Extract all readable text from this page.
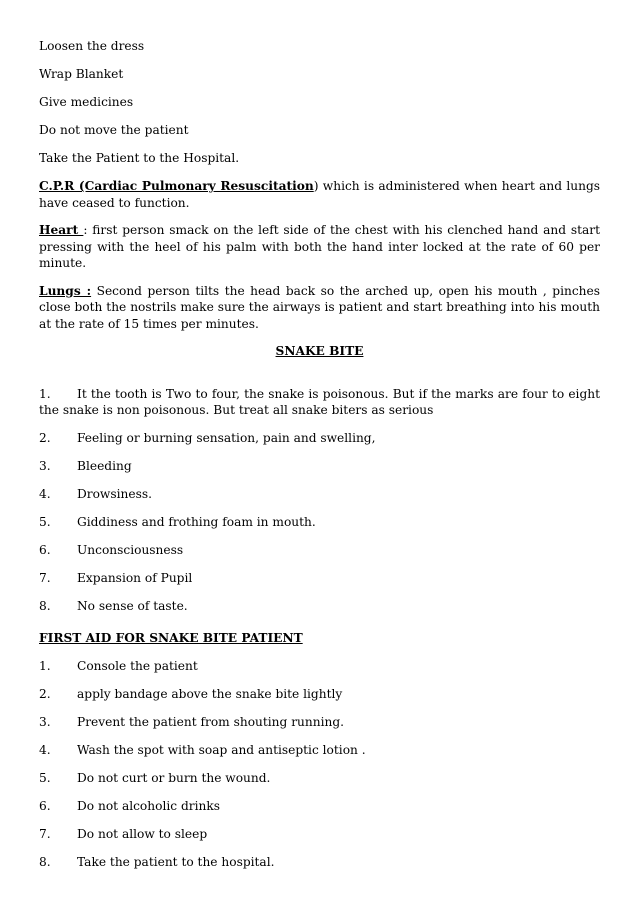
Loosen the dress
Wrap Blanket
Give medicines
Do not move the patient
Take the Patient to the Hospital.

C.P.R (Cardiac Pulmonary Resuscitation) which is administered when heart and lungs have ceased to function.

Heart : first person smack on the left side of the chest with his clenched hand and start pressing with the heel of his palm with both the hand inter locked at the rate of 60 per minute.

Lungs : Second person tilts the head back so the arched up, open his mouth , pinches close both the nostrils make sure the airways is patient and start breathing into his mouth at the rate of 15 times per minutes.

SNAKE BITE

1. It the tooth is Two to four, the snake is poisonous. But if the marks are four to eight the snake is non poisonous. But treat all snake biters as serious

2.	Feeling or burning sensation, pain and swelling,
3.	Bleeding
4.	Drowsiness.
5.	Giddiness and frothing foam in mouth.
6.	Unconsciousness
7.	Expansion of Pupil
8.	No sense of taste.
FIRST AID FOR SNAKE BITE PATIENT
1.	Console the patient
2.	apply bandage above the snake bite lightly
3.	Prevent the patient from shouting running.
4.	Wash the spot with soap and antiseptic lotion .
5.	Do not curt or burn the wound.
6.	Do not alcoholic drinks
7.	Do not allow to sleep
8.	Take the patient to the hospital.
